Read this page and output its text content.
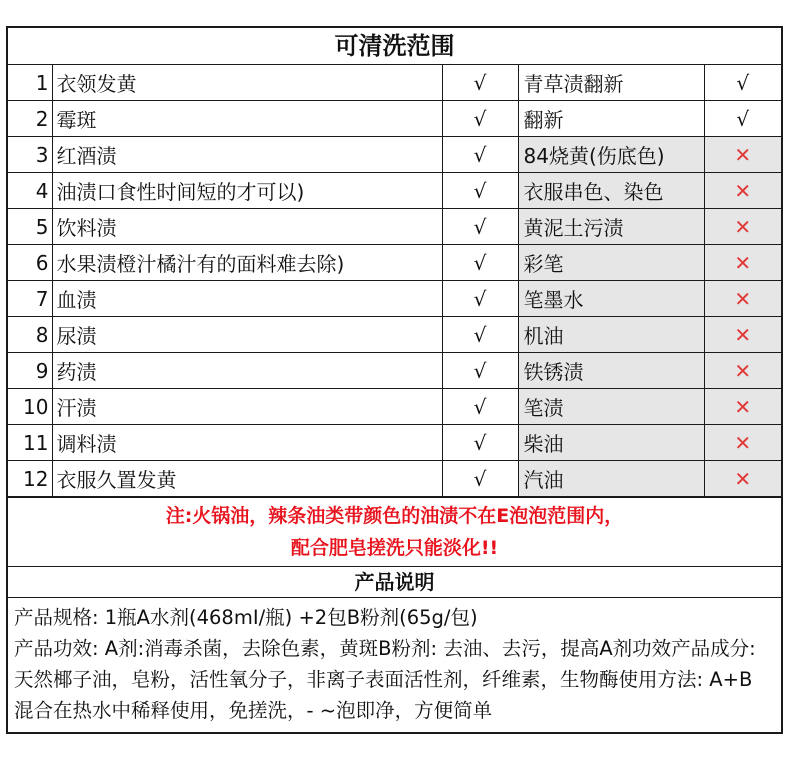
可清洗范围
1	衣领发黄	√	青草渍翻新	√
2	霉斑	√	翻新	√
3	红酒渍	√	84烧黄(伤底色)	✕
4	油渍口食性时间短的才可以)	√	衣服串色、染色	✕
5	饮料渍	√	黄泥土污渍	✕
6	水果渍橙汁橘汁有的面料难去除)	√	彩笔	✕
7	血渍	√	笔墨水	✕
8	尿渍	√	机油	✕
9	药渍	√	铁锈渍	✕
10	汗渍	√	笔渍	✕
11	调料渍	√	柴油	✕
12	衣服久置发黄	√	汽油	✕
注:火锅油，辣条油类带颜色的油渍不在E泡泡范围内，
配合肥皂搓洗只能淡化!!
产品说明

产品规格: 1瓶A水剂(468mI/瓶) +2包B粉剂(65g/包)

产品功效: A剂:消毒杀菌，去除色素，黄斑B粉剂: 去油、去污，提高A剂功效产品成分:天然椰子油，皂粉，活性氧分子，非离子表面活性剂，纤维素，生物酶使用方法: A+B 混合在热水中稀释使用，免搓洗，- ~泡即净，方便简单
